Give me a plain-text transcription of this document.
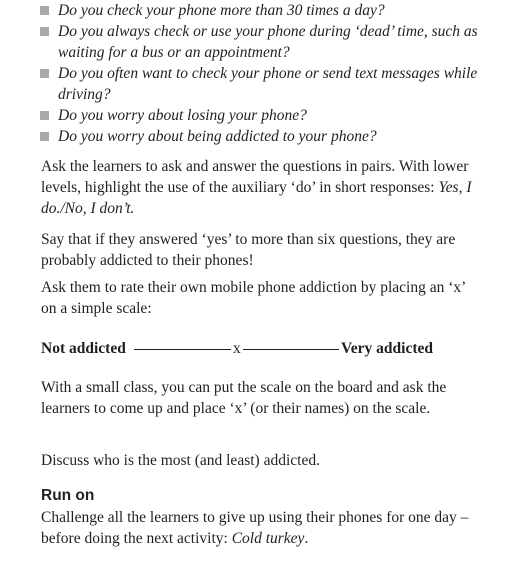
Do you check your phone more than 30 times a day?
Do you always check or use your phone during ‘dead’ time, such as waiting for a bus or an appointment?
Do you often want to check your phone or send text messages while driving?
Do you worry about losing your phone?
Do you worry about being addicted to your phone?

Ask the learners to ask and answer the questions in pairs. With lower levels, highlight the use of the auxiliary ‘do’ in short responses: Yes, I do./No, I don’t.

Say that if they answered ‘yes’ to more than six questions, they are probably addicted to their phones!

Ask them to rate their own mobile phone addiction by placing an ‘x’ on a simple scale:

Not addicted	x	Very addicted

With a small class, you can put the scale on the board and ask the learners to come up and place ‘x’ (or their names) on the scale.

Discuss who is the most (and least) addicted.

Run on

Challenge all the learners to give up using their phones for one day – before doing the next activity: Cold turkey.
